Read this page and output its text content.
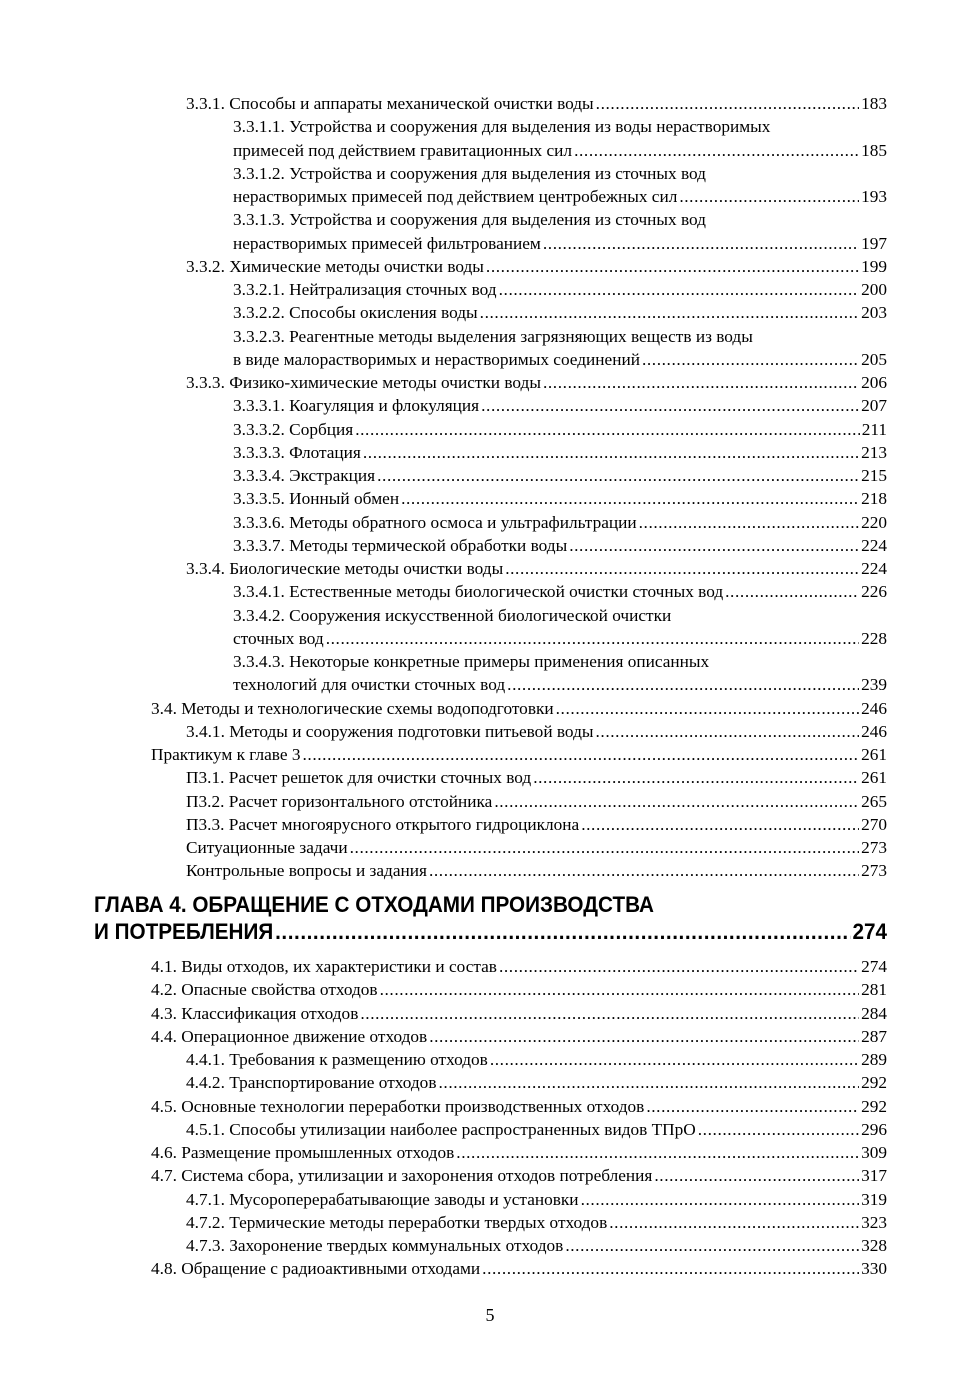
3.3.1. Способы и аппараты механической очистки воды .....	183
3.3.1.1. Устройства и сооружения для выделения из воды нерастворимых
примесей под действием гравитационных сил .....	185
3.3.1.2. Устройства и сооружения для выделения из сточных вод
нерастворимых примесей под действием центробежных сил .....	193
3.3.1.3. Устройства и сооружения для выделения из сточных вод
нерастворимых примесей фильтрованием .....	197
3.3.2. Химические методы очистки воды .....	199
3.3.2.1. Нейтрализация сточных вод .....	200
3.3.2.2. Способы окисления воды .....	203
3.3.2.3. Реагентные методы выделения загрязняющих веществ из воды
в виде малорастворимых и нерастворимых соединений .....	205
3.3.3. Физико-химические методы очистки воды .....	206
3.3.3.1. Коагуляция и флокуляция .....	207
3.3.3.2. Сорбция .....	211
3.3.3.3. Флотация .....	213
3.3.3.4. Экстракция .....	215
3.3.3.5. Ионный обмен .....	218
3.3.3.6. Методы обратного осмоса и ультрафильтрации .....	220
3.3.3.7. Методы термической обработки воды .....	224
3.3.4. Биологические методы очистки воды .....	224
3.3.4.1. Естественные методы биологической очистки сточных вод .....	226
3.3.4.2. Сооружения искусственной биологической очистки
сточных вод .....	228
3.3.4.3. Некоторые конкретные примеры применения описанных
технологий для очистки сточных вод .....	239
3.4. Методы и технологические схемы водоподготовки .....	246
3.4.1. Методы и сооружения подготовки питьевой воды .....	246
Практикум к главе 3 .....	261
П3.1. Расчет решеток для очистки сточных вод .....	261
П3.2. Расчет горизонтального отстойника .....	265
П3.3. Расчет многоярусного открытого гидроциклона .....	270
Ситуационные задачи .....	273
Контрольные вопросы и задания .....	273
ГЛАВА 4. ОБРАЩЕНИЕ С ОТХОДАМИ ПРОИЗВОДСТВА
И ПОТРЕБЛЕНИЯ .....	274
4.1. Виды отходов, их характеристики и состав .....	274
4.2. Опасные свойства отходов .....	281
4.3. Классификация отходов .....	284
4.4. Операционное движение отходов .....	287
4.4.1. Требования к размещению отходов .....	289
4.4.2. Транспортирование отходов .....	292
4.5. Основные технологии переработки производственных отходов .....	292
4.5.1. Способы утилизации наиболее распространенных видов ТПрО .....	296
4.6. Размещение промышленных отходов .....	309
4.7. Система сбора, утилизации и захоронения отходов потребления .....	317
4.7.1. Мусороперерабатывающие заводы и установки .....	319
4.7.2. Термические методы переработки твердых отходов .....	323
4.7.3. Захоронение твердых коммунальных отходов .....	328
4.8. Обращение с радиоактивными отходами .....	330
5
